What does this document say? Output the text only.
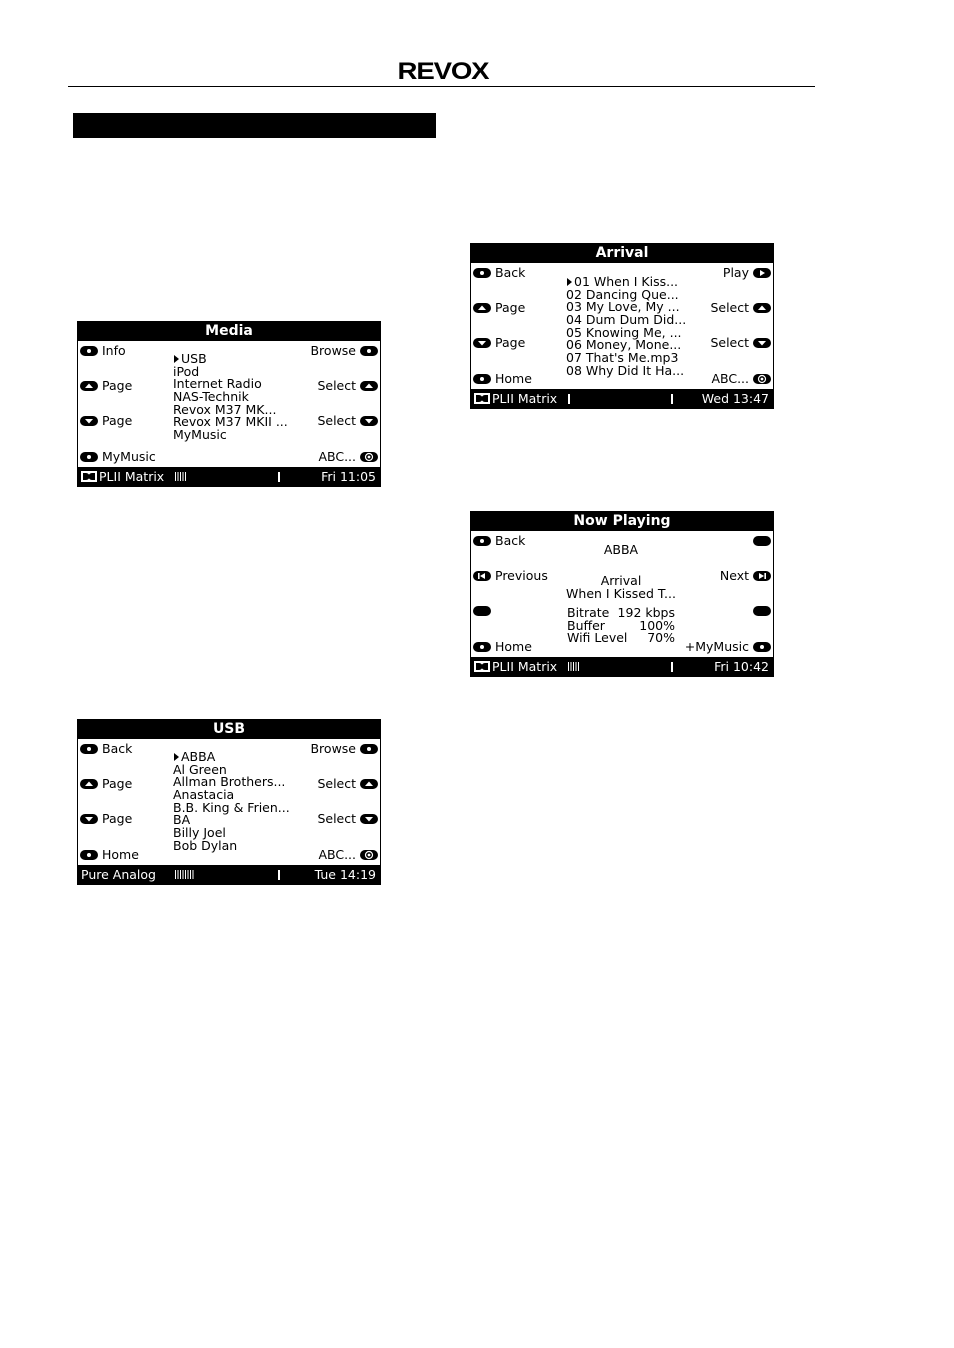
REVOX
Media
Info
Page
Page
MyMusic
Browse
Select
Select
ABC...
USB
iPod
Internet Radio
NAS-Technik
Revox M37 MK...
Revox M37 MKII ...
MyMusic
PLII Matrix	Fri 11:05
USB
Back
Page
Page
Home
Browse
Select
Select
ABC...
ABBA
Al Green
Allman Brothers...
Anastacia
B.B. King & Frien...
BA
Billy Joel
Bob Dylan
Pure Analog	Tue 14:19
Arrival
Back
Page
Page
Home
Play
Select
Select
ABC...
01 When I Kiss...
02 Dancing Que...
03 My Love, My ...
04 Dum Dum Did...
05 Knowing Me, ...
06 Money, Mone...
07 That's Me.mp3
08 Why Did It Ha...
PLII Matrix	Wed 13:47
Now Playing
Back
Previous
Home
Next
+MyMusic
ABBA
Arrival
When I Kissed T...
Bitrate 192 kbps
Buffer	100%
Wifi Level 70%
PLII Matrix	Fri 10:42
